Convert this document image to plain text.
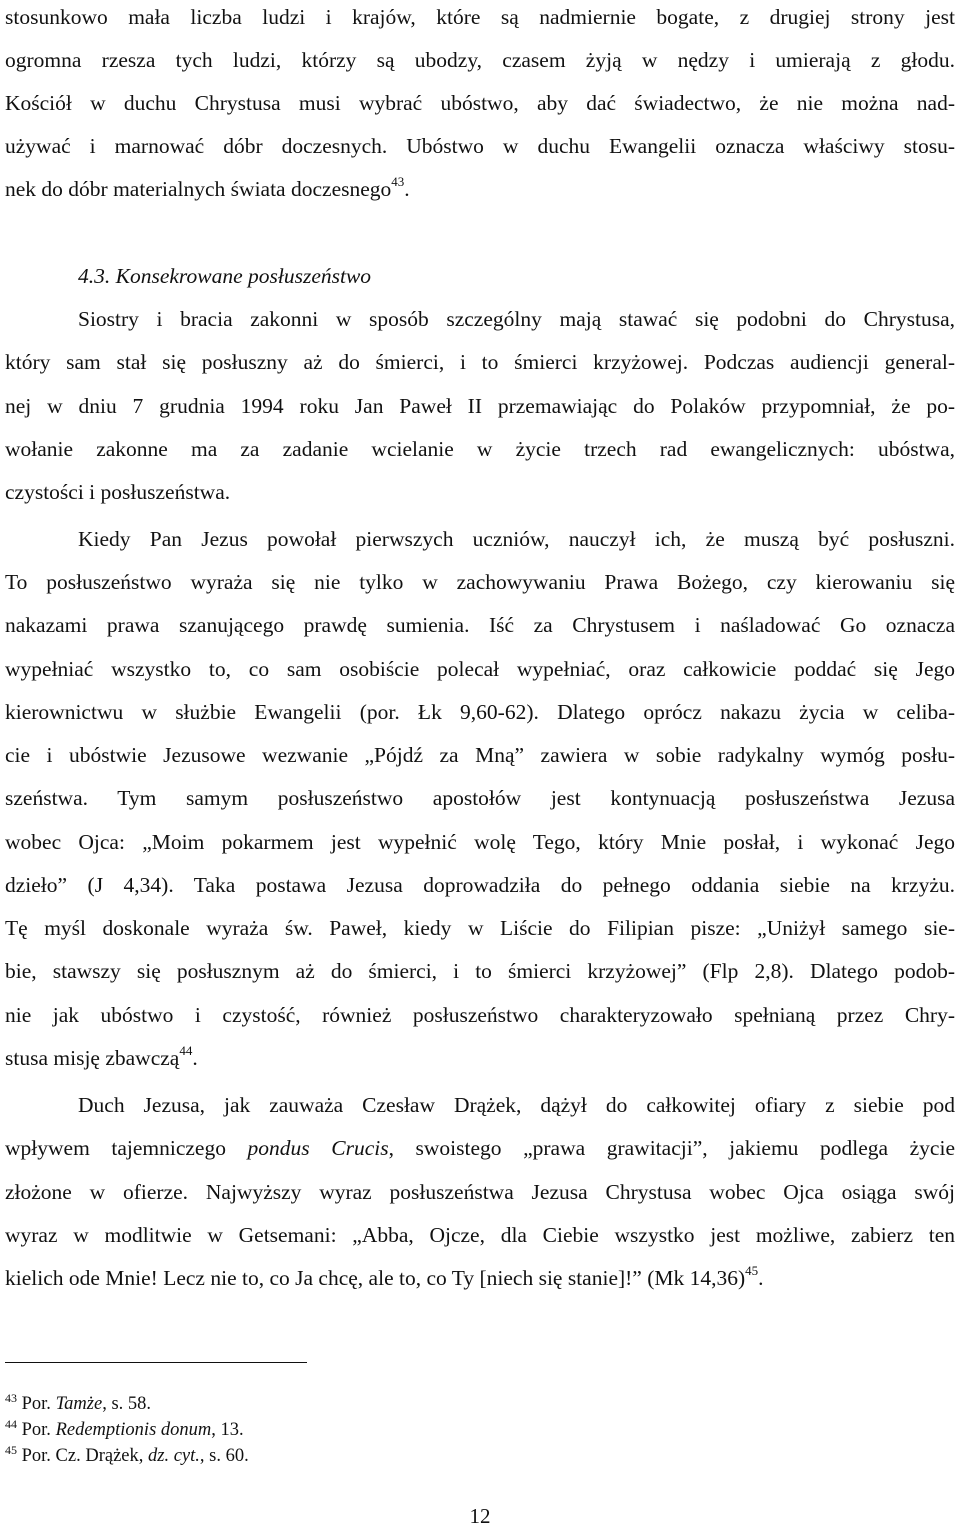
stosunkowo mała liczba ludzi i krajów, które są nadmiernie bogate, z drugiej strony jest
ogromna rzesza tych ludzi, którzy są ubodzy, czasem żyją w nędzy i umierają z głodu.
Kościół w duchu Chrystusa musi wybrać ubóstwo, aby dać świadectwo, że nie można nad-
używać i marnować dóbr doczesnych. Ubóstwo w duchu Ewangelii oznacza właściwy stosu-
nek do dóbr materialnych świata doczesnego$^{43}$.
4.3. Konsekrowane posłuszeństwo
Siostry i bracia zakonni w sposób szczególny mają stawać się podobni do Chrystusa,
który sam stał się posłuszny aż do śmierci, i to śmierci krzyżowej. Podczas audiencji general-
nej w dniu 7 grudnia 1994 roku Jan Paweł II przemawiając do Polaków przypomniał, że po-
wołanie zakonne ma za zadanie wcielanie w życie trzech rad ewangelicznych: ubóstwa,
czystości i posłuszeństwa.
Kiedy Pan Jezus powołał pierwszych uczniów, nauczył ich, że muszą być posłuszni.
To posłuszeństwo wyraża się nie tylko w zachowywaniu Prawa Bożego, czy kierowaniu się
nakazami prawa szanującego prawdę sumienia. Iść za Chrystusem i naśladować Go oznacza
wypełniać wszystko to, co sam osobiście polecał wypełniać, oraz całkowicie poddać się Jego
kierownictwu w służbie Ewangelii (por. Łk 9,60-62). Dlatego oprócz nakazu życia w celiba-
cie i ubóstwie Jezusowe wezwanie „Pójdź za Mną” zawiera w sobie radykalny wymóg posłu-
szeństwa. Tym samym posłuszeństwo apostołów jest kontynuacją posłuszeństwa Jezusa
wobec Ojca: „Moim pokarmem jest wypełnić wolę Tego, który Mnie posłał, i wykonać Jego
dzieło” (J 4,34). Taka postawa Jezusa doprowadziła do pełnego oddania siebie na krzyżu.
Tę myśl doskonale wyraża św. Paweł, kiedy w Liście do Filipian pisze: „Uniżył samego sie-
bie, stawszy się posłusznym aż do śmierci, i to śmierci krzyżowej” (Flp 2,8). Dlatego podob-
nie jak ubóstwo i czystość, również posłuszeństwo charakteryzowało spełnianą przez Chry-
stusa misję zbawczą$^{44}$.
Duch Jezusa, jak zauważa Czesław Drążek, dążył do całkowitej ofiary z siebie pod
wpływem tajemniczego pondus Crucis, swoistego „prawa grawitacji”, jakiemu podlega życie
złożone w ofierze. Najwyższy wyraz posłuszeństwa Jezusa Chrystusa wobec Ojca osiąga swój
wyraz w modlitwie w Getsemani: „Abba, Ojcze, dla Ciebie wszystko jest możliwe, zabierz ten
kielich ode Mnie! Lecz nie to, co Ja chcę, ale to, co Ty [niech się stanie]!” (Mk 14,36)$^{45}$.
$^{43}$ Por. Tamże, s. 58.
$^{44}$ Por. Redemptionis donum, 13.
$^{45}$ Por. Cz. Drążek, dz. cyt., s. 60.
12
